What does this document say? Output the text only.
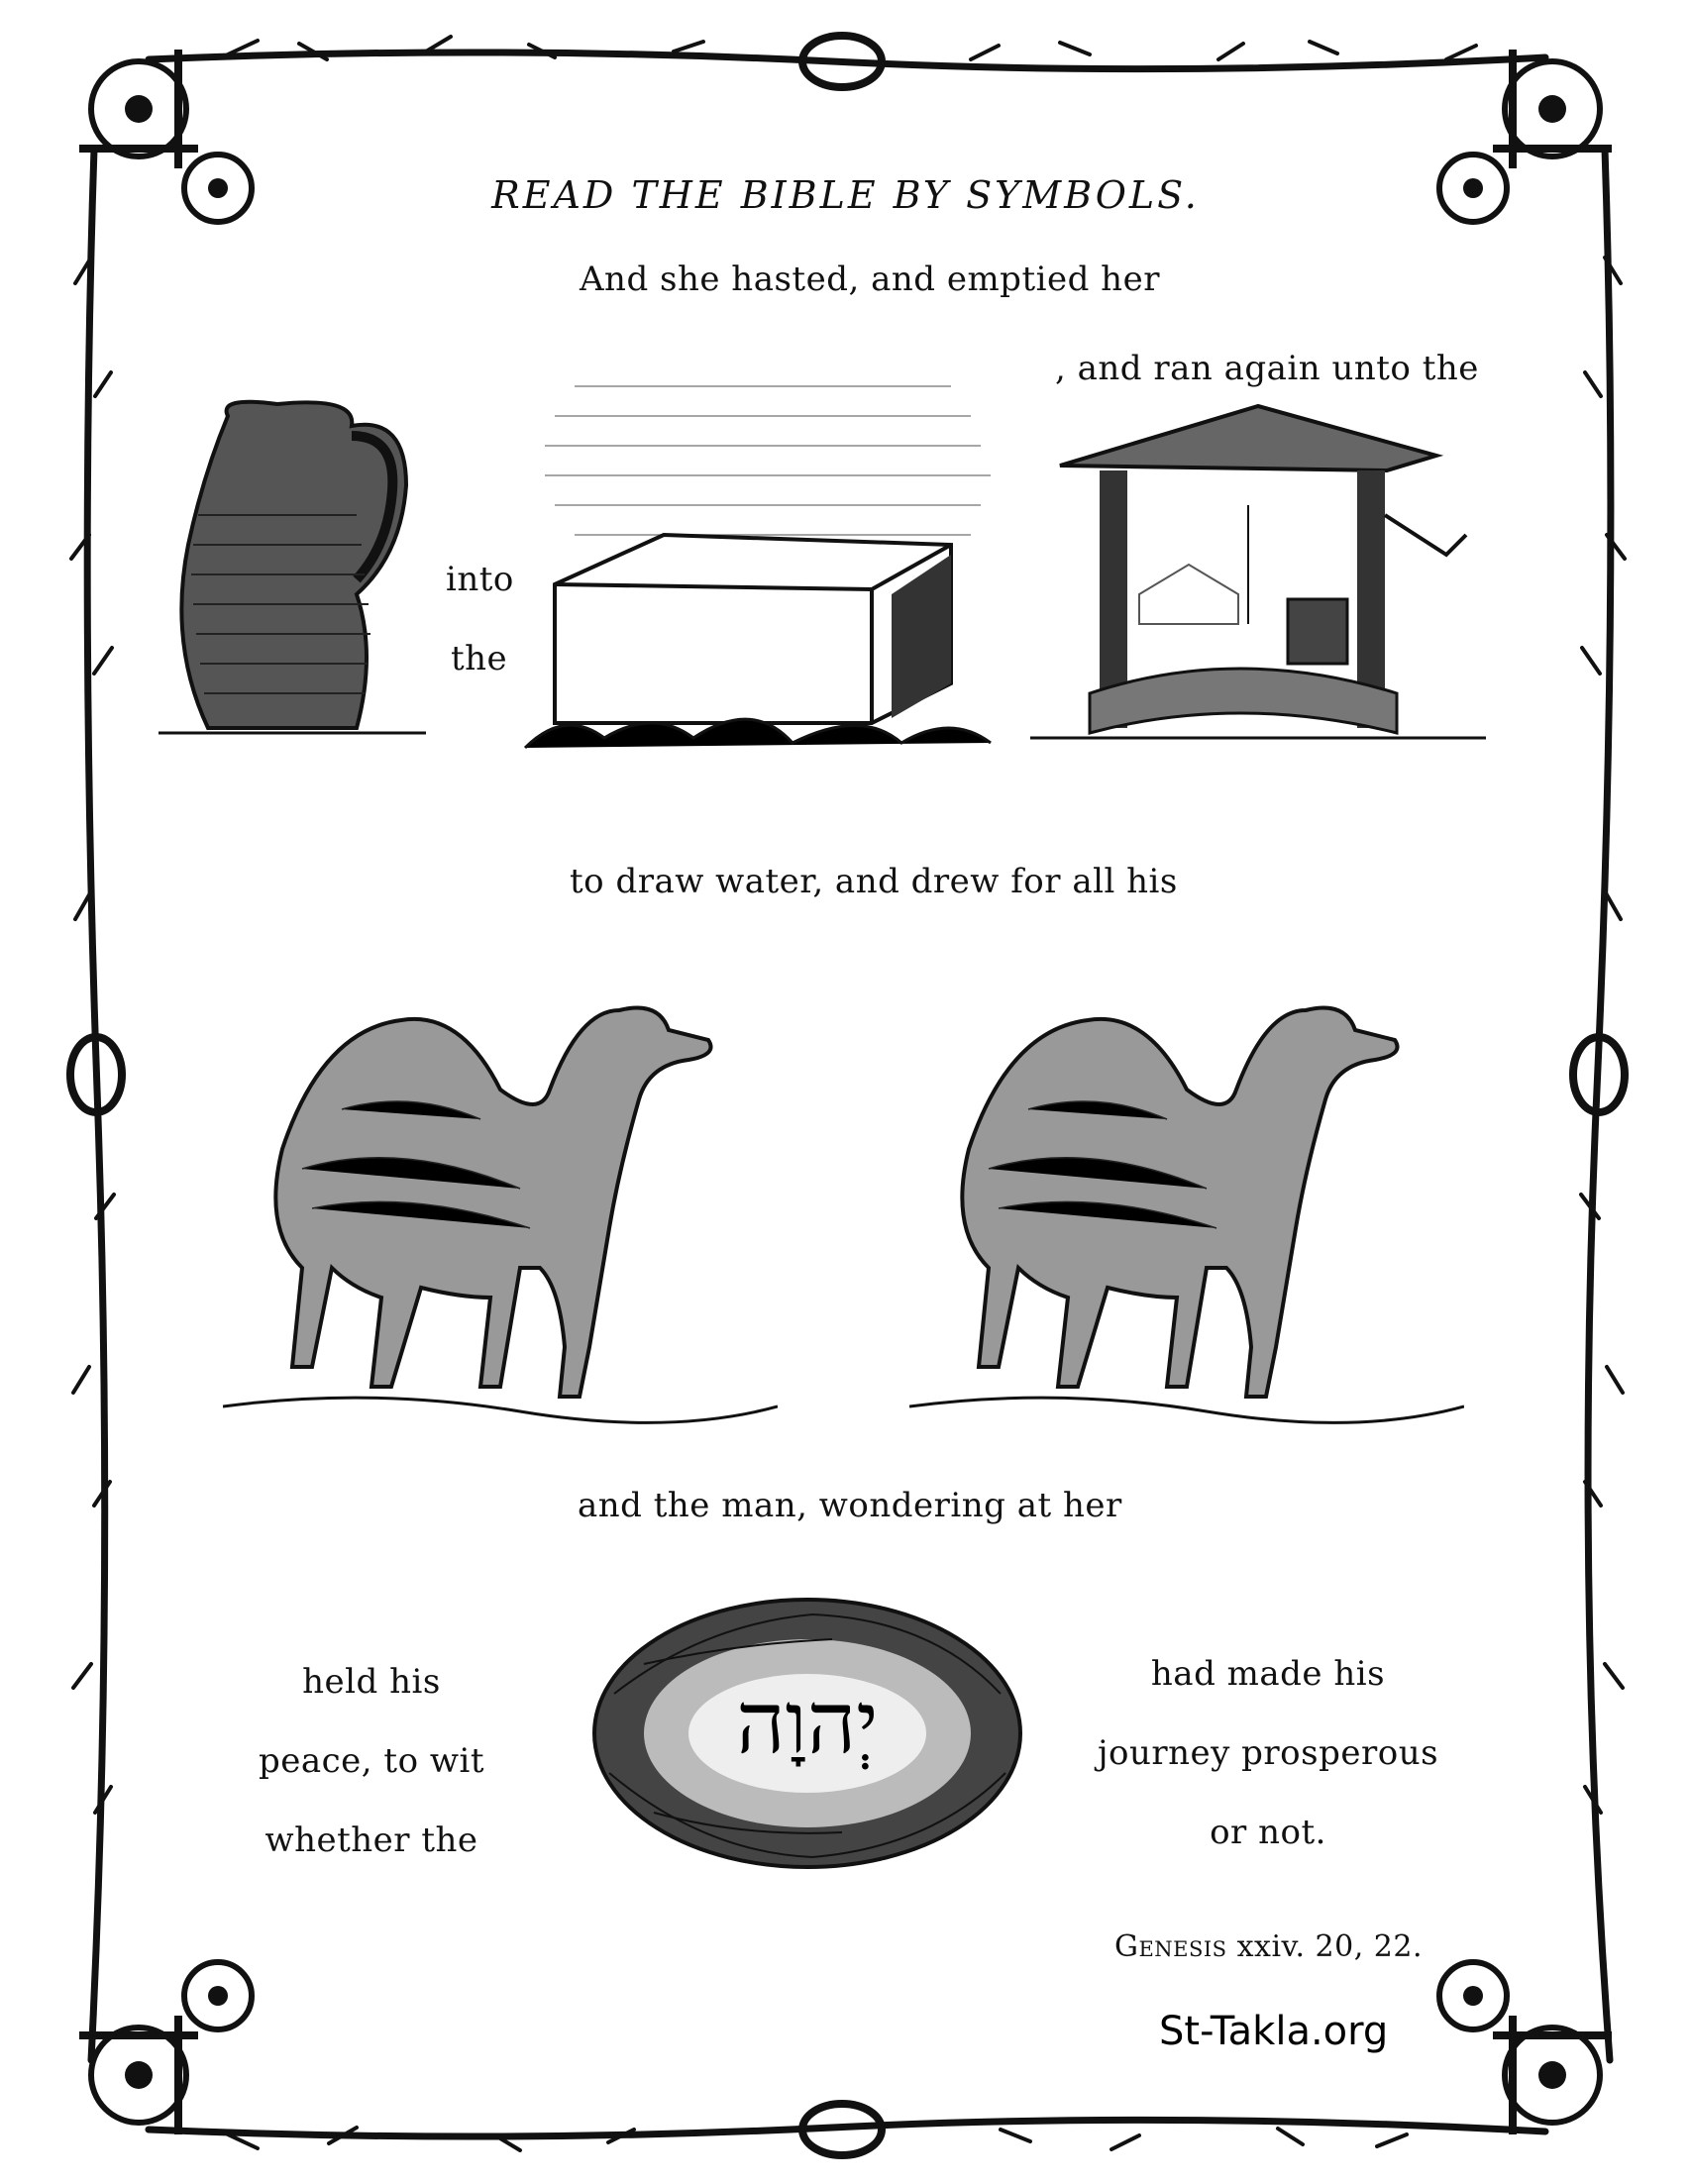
READ THE BIBLE BY SYMBOLS.
And she hasted, and emptied her
, and ran again unto the
into
the
to draw water, and drew for all his
and the man, wondering at her
held his
peace, to wit
whether the
יְהוָה	had made his
journey prosperous
or not.
Genesis xxiv. 20, 22.
St-Takla.org
